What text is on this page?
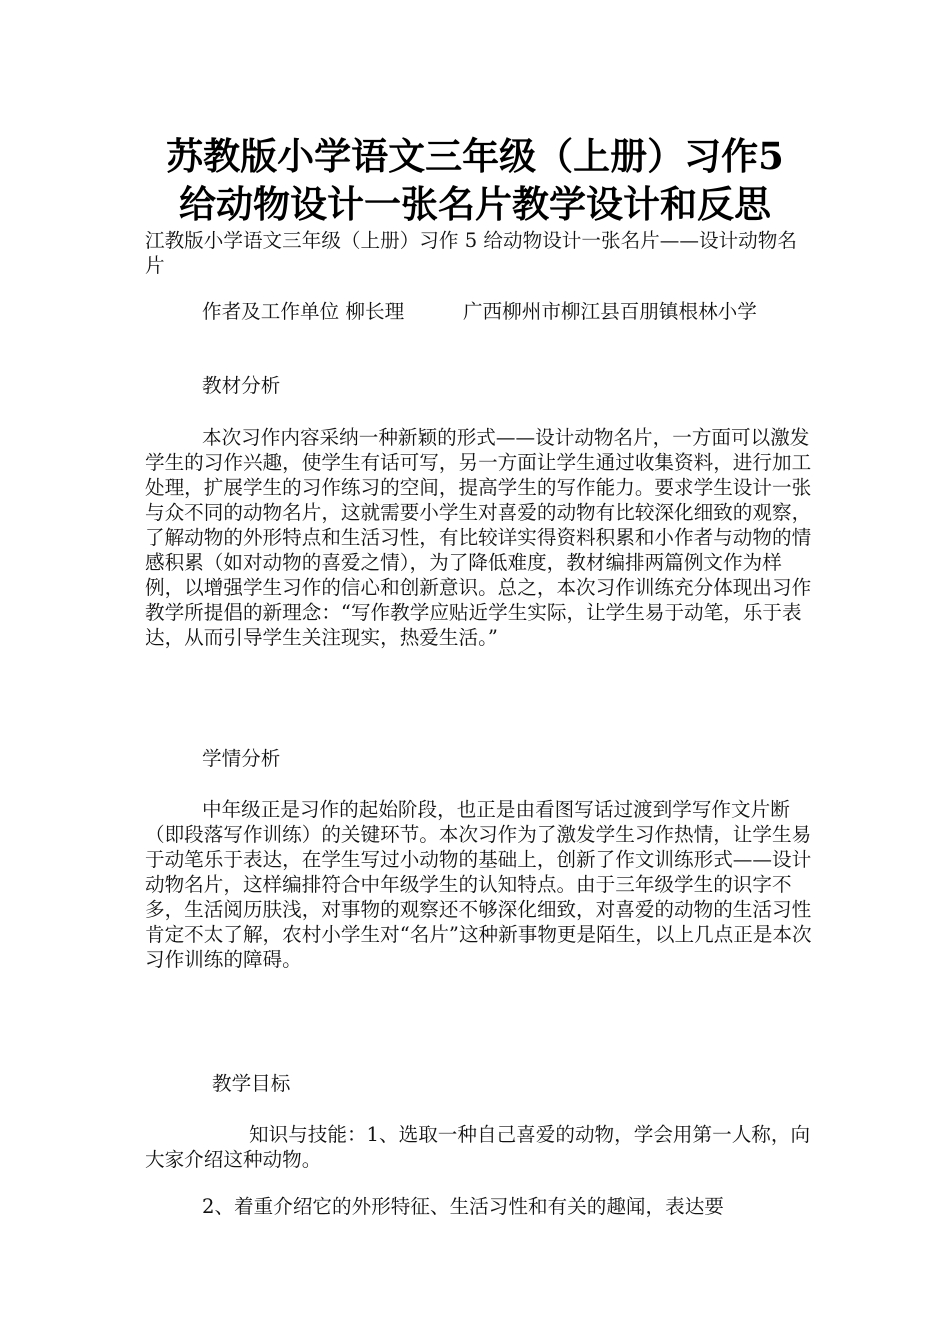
苏教版小学语文三年级（上册）习作5
给动物设计一张名片教学设计和反思

江教版小学语文三年级（上册）习作 5 给动物设计一张名片——设计动物名片

作者及工作单位 柳长理　　　广西柳州市柳江县百朋镇根林小学

教材分析

本次习作内容采纳一种新颖的形式——设计动物名片，一方面可以激发学生的习作兴趣，使学生有话可写，另一方面让学生通过收集资料，进行加工处理，扩展学生的习作练习的空间，提高学生的写作能力。要求学生设计一张与众不同的动物名片，这就需要小学生对喜爱的动物有比较深化细致的观察，了解动物的外形特点和生活习性，有比较详实得资料积累和小作者与动物的情感积累（如对动物的喜爱之情），为了降低难度，教材编排两篇例文作为样例，以增强学生习作的信心和创新意识。总之，本次习作训练充分体现出习作教学所提倡的新理念：“写作教学应贴近学生实际，让学生易于动笔，乐于表达，从而引导学生关注现实，热爱生活。”

学情分析

中年级正是习作的起始阶段，也正是由看图写话过渡到学写作文片断（即段落写作训练）的关键环节。本次习作为了激发学生习作热情，让学生易于动笔乐于表达，在学生写过小动物的基础上，创新了作文训练形式——设计动物名片，这样编排符合中年级学生的认知特点。由于三年级学生的识字不多，生活阅历肤浅，对事物的观察还不够深化细致，对喜爱的动物的生活习性肯定不太了解，农村小学生对“名片”这种新事物更是陌生，以上几点正是本次习作训练的障碍。

教学目标

知识与技能：1、选取一种自己喜爱的动物，学会用第一人称，向大家介绍这种动物。

2、着重介绍它的外形特征、生活习性和有关的趣闻，表达要
